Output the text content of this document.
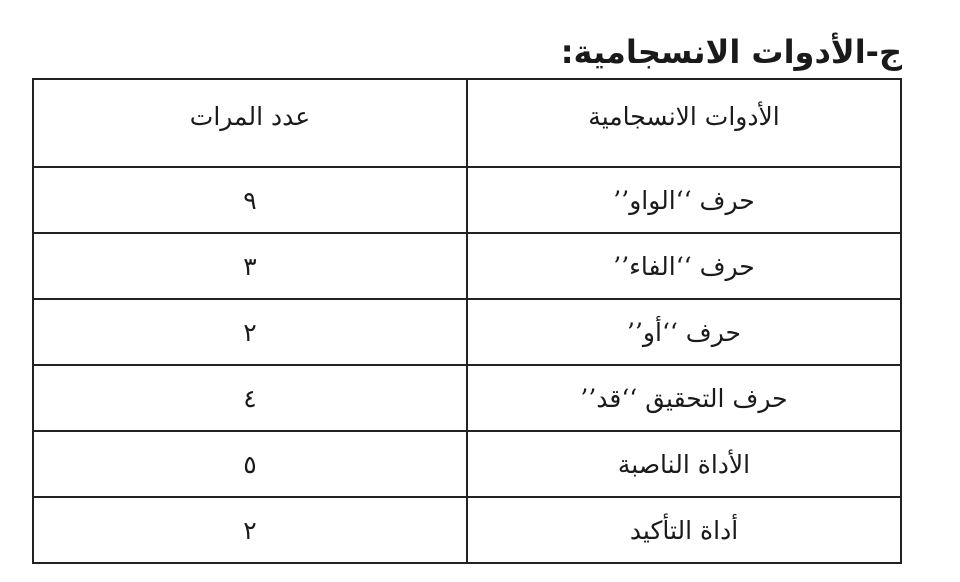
ج-الأدوات الانسجامية:
الأدوات الانسجامية	عدد المرات
حرف ‘‘الواو’’	٩
حرف ‘‘الفاء’’	٣
حرف ‘‘أو’’	٢
حرف التحقيق ‘‘قد’’	٤
الأداة الناصبة	٥
أداة التأكيد	٢
